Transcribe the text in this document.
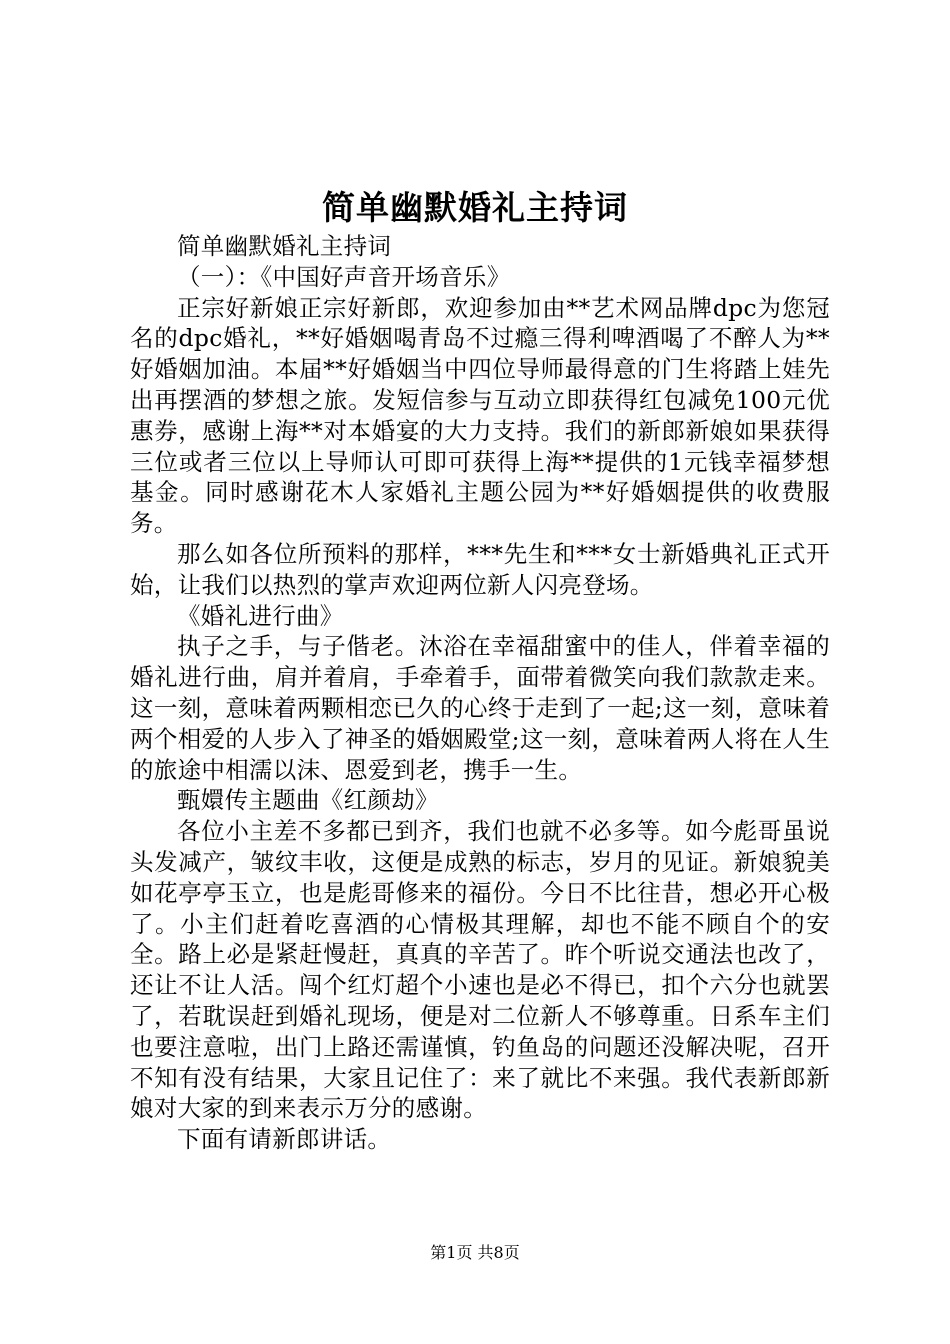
简单幽默婚礼主持词

简单幽默婚礼主持词

（一）：《中国好声音开场音乐》

正宗好新娘正宗好新郎，欢迎参加由**艺术网品牌dpc为您冠名的dpc婚礼，**好婚姻喝青岛不过瘾三得利啤酒喝了不醉人为**好婚姻加油。本届**好婚姻当中四位导师最得意的门生将踏上娃先出再摆酒的梦想之旅。发短信参与互动立即获得红包减免100元优惠券，感谢上海**对本婚宴的大力支持。我们的新郎新娘如果获得三位或者三位以上导师认可即可获得上海**提供的1元钱幸福梦想基金。同时感谢花木人家婚礼主题公园为**好婚姻提供的收费服务。

那么如各位所预料的那样，***先生和***女士新婚典礼正式开始，让我们以热烈的掌声欢迎两位新人闪亮登场。

《婚礼进行曲》

执子之手，与子偕老。沐浴在幸福甜蜜中的佳人，伴着幸福的婚礼进行曲，肩并着肩，手牵着手，面带着微笑向我们款款走来。这一刻，意味着两颗相恋已久的心终于走到了一起;这一刻，意味着两个相爱的人步入了神圣的婚姻殿堂;这一刻，意味着两人将在人生的旅途中相濡以沫、恩爱到老，携手一生。

甄嬛传主题曲《红颜劫》

各位小主差不多都已到齐，我们也就不必多等。如今彪哥虽说头发减产，皱纹丰收，这便是成熟的标志，岁月的见证。新娘貌美如花亭亭玉立，也是彪哥修来的福份。今日不比往昔，想必开心极了。小主们赶着吃喜酒的心情极其理解，却也不能不顾自个的安全。路上必是紧赶慢赶，真真的辛苦了。昨个听说交通法也改了，还让不让人活。闯个红灯超个小速也是必不得已，扣个六分也就罢了，若耽误赶到婚礼现场，便是对二位新人不够尊重。日系车主们也要注意啦，出门上路还需谨慎，钓鱼岛的问题还没解决呢，召开不知有没有结果，大家且记住了：来了就比不来强。我代表新郎新娘对大家的到来表示万分的感谢。

下面有请新郎讲话。

第1页 共8页
